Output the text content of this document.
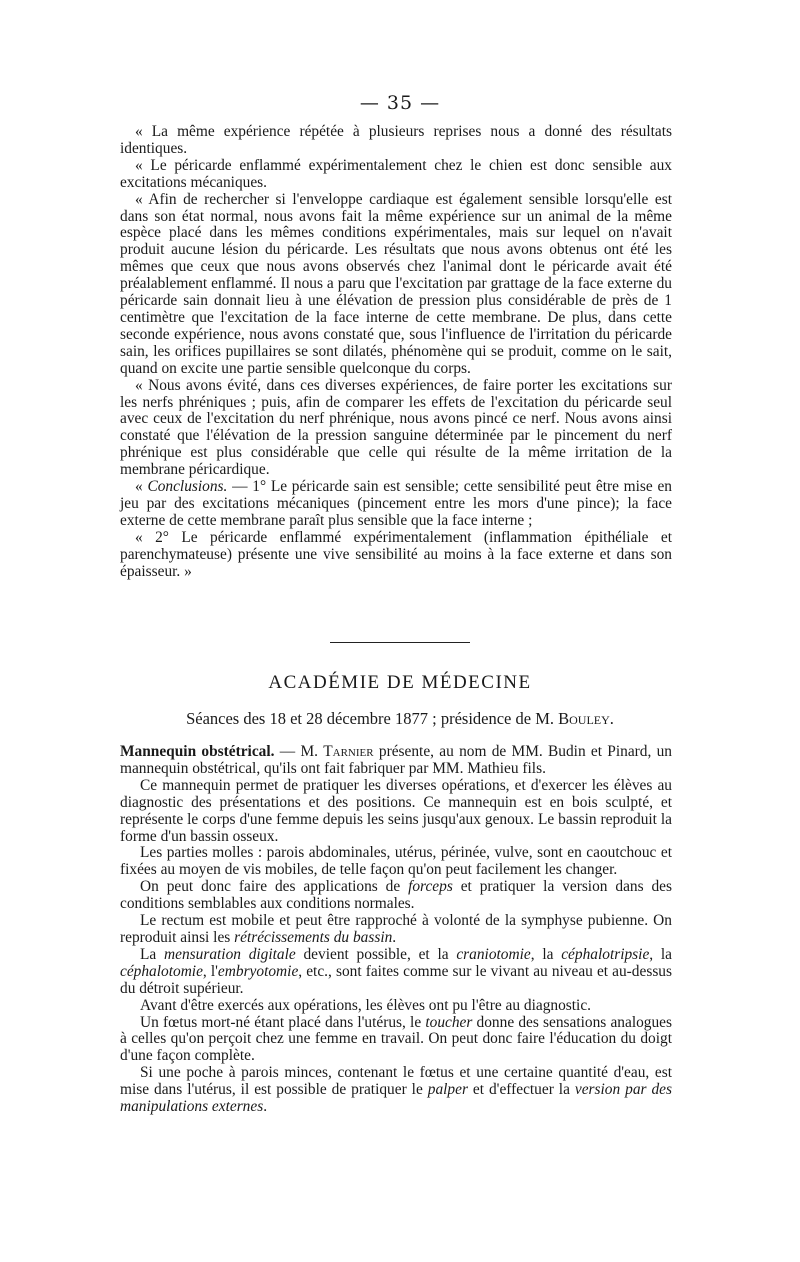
— 35 —

« La même expérience répétée à plusieurs reprises nous a donné des résultats identiques.

« Le péricarde enflammé expérimentalement chez le chien est donc sensible aux excitations mécaniques.

« Afin de rechercher si l'enveloppe cardiaque est également sensible lorsqu'elle est dans son état normal, nous avons fait la même expérience sur un animal de la même espèce placé dans les mêmes conditions expérimentales, mais sur lequel on n'avait produit aucune lésion du péricarde. Les résultats que nous avons obtenus ont été les mêmes que ceux que nous avons observés chez l'animal dont le péricarde avait été préalablement enflammé. Il nous a paru que l'excitation par grattage de la face externe du péricarde sain donnait lieu à une élévation de pression plus considérable de près de 1 centimètre que l'excitation de la face interne de cette membrane. De plus, dans cette seconde expérience, nous avons constaté que, sous l'influence de l'irritation du péricarde sain, les orifices pupillaires se sont dilatés, phénomène qui se produit, comme on le sait, quand on excite une partie sensible quelconque du corps.

« Nous avons évité, dans ces diverses expériences, de faire porter les excitations sur les nerfs phréniques ; puis, afin de comparer les effets de l'excitation du péricarde seul avec ceux de l'excitation du nerf phrénique, nous avons pincé ce nerf. Nous avons ainsi constaté que l'élévation de la pression sanguine déterminée par le pincement du nerf phrénique est plus considérable que celle qui résulte de la même irritation de la membrane péricardique.

« Conclusions. — 1° Le péricarde sain est sensible; cette sensibilité peut être mise en jeu par des excitations mécaniques (pincement entre les mors d'une pince); la face externe de cette membrane paraît plus sensible que la face interne ;

« 2° Le péricarde enflammé expérimentalement (inflammation épithéliale et parenchymateuse) présente une vive sensibilité au moins à la face externe et dans son épaisseur. »

ACADÉMIE DE MÉDECINE
Séances des 18 et 28 décembre 1877 ; présidence de M. Bouley.

Mannequin obstétrical. — M. Tarnier présente, au nom de MM. Budin et Pinard, un mannequin obstétrical, qu'ils ont fait fabriquer par MM. Mathieu fils.

Ce mannequin permet de pratiquer les diverses opérations, et d'exercer les élèves au diagnostic des présentations et des positions. Ce mannequin est en bois sculpté, et représente le corps d'une femme depuis les seins jusqu'aux genoux. Le bassin reproduit la forme d'un bassin osseux.

Les parties molles : parois abdominales, utérus, périnée, vulve, sont en caoutchouc et fixées au moyen de vis mobiles, de telle façon qu'on peut facilement les changer.

On peut donc faire des applications de forceps et pratiquer la version dans des conditions semblables aux conditions normales.

Le rectum est mobile et peut être rapproché à volonté de la symphyse pubienne. On reproduit ainsi les rétrécissements du bassin.

La mensuration digitale devient possible, et la craniotomie, la céphalotripsie, la céphalotomie, l'embryotomie, etc., sont faites comme sur le vivant au niveau et au-dessus du détroit supérieur.

Avant d'être exercés aux opérations, les élèves ont pu l'être au diagnostic.

Un fœtus mort-né étant placé dans l'utérus, le toucher donne des sensations analogues à celles qu'on perçoit chez une femme en travail. On peut donc faire l'éducation du doigt d'une façon complète.

Si une poche à parois minces, contenant le fœtus et une certaine quantité d'eau, est mise dans l'utérus, il est possible de pratiquer le palper et d'effectuer la version par des manipulations externes.
